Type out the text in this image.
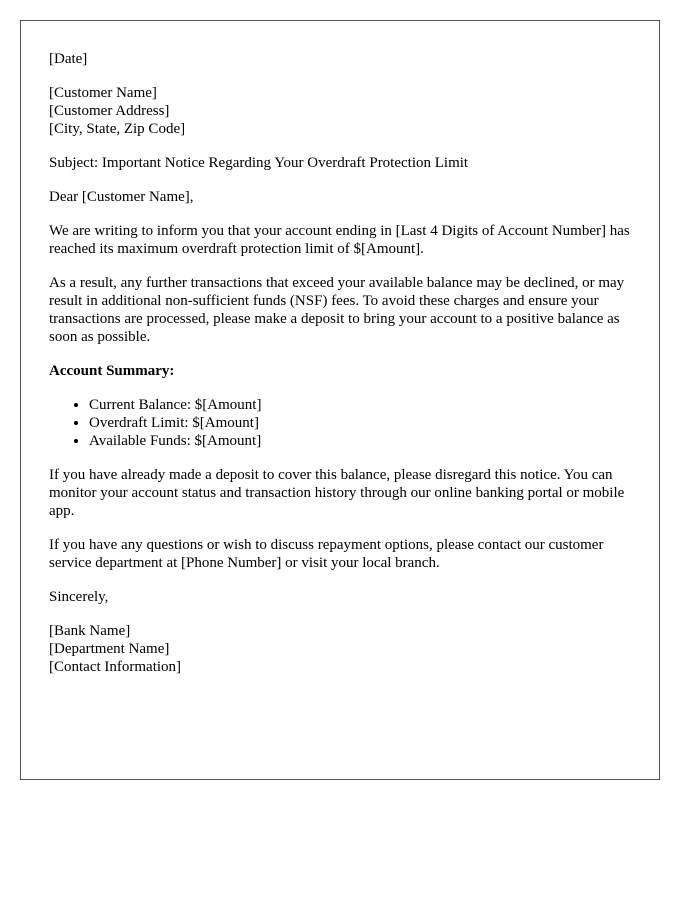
[Date]

[Customer Name]
[Customer Address]
[City, State, Zip Code]

Subject: Important Notice Regarding Your Overdraft Protection Limit

Dear [Customer Name],

We are writing to inform you that your account ending in [Last 4 Digits of Account Number] has reached its maximum overdraft protection limit of $[Amount].

As a result, any further transactions that exceed your available balance may be declined, or may result in additional non-sufficient funds (NSF) fees. To avoid these charges and ensure your transactions are processed, please make a deposit to bring your account to a positive balance as soon as possible.

Account Summary:

• Current Balance: $[Amount]
• Overdraft Limit: $[Amount]
• Available Funds: $[Amount]

If you have already made a deposit to cover this balance, please disregard this notice. You can monitor your account status and transaction history through our online banking portal or mobile app.

If you have any questions or wish to discuss repayment options, please contact our customer service department at [Phone Number] or visit your local branch.

Sincerely,

[Bank Name]
[Department Name]
[Contact Information]
